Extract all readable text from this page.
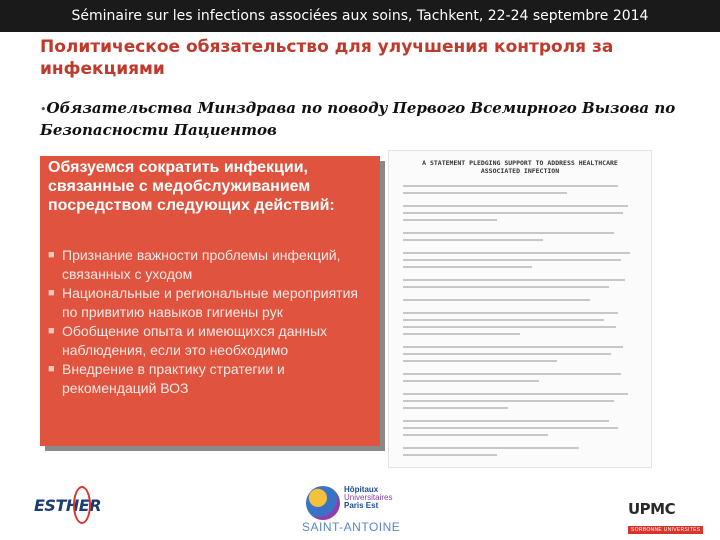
Séminaire sur les infections associées aux soins, Tachkent, 22-24 septembre 2014
Политическое обязательство для улучшения контроля за инфекциями
•Обязательства Минздрава по поводу Первого Всемирного Вызова по Безопасности Пациентов
Обязуемся сократить инфекции, связанные с медобслуживанием посредством следующих действий:
■ Признание важности проблемы инфекций, связанных с уходом
■ Национальные и региональные мероприятия по привитию навыков гигиены рук
■ Обобщение опыта и имеющихся данных наблюдения, если это необходимо
■ Внедрение в практику стратегии и рекомендаций ВОЗ
A STATEMENT PLEDGING SUPPORT TO ADDRESS HEALTHCARE ASSOCIATED INFECTION
ESTHER
Hôpitaux
Universitaires
Paris Est
SAINT-ANTOINE
UPMC
SORBONNE UNIVERSITÉS
